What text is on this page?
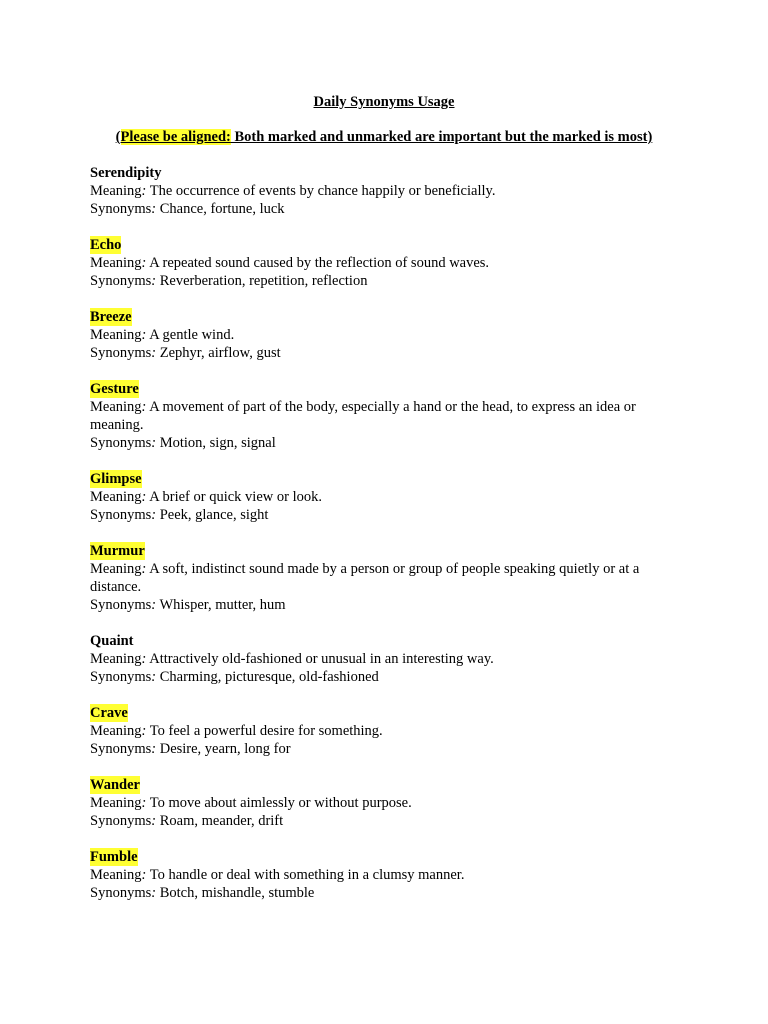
Daily Synonyms Usage
(Please be aligned: Both marked and unmarked are important but the marked is most)
Serendipity
Meaning: The occurrence of events by chance happily or beneficially.
Synonyms: Chance, fortune, luck
Echo
Meaning: A repeated sound caused by the reflection of sound waves.
Synonyms: Reverberation, repetition, reflection
Breeze
Meaning: A gentle wind.
Synonyms: Zephyr, airflow, gust
Gesture
Meaning: A movement of part of the body, especially a hand or the head, to express an idea or meaning.
Synonyms: Motion, sign, signal
Glimpse
Meaning: A brief or quick view or look.
Synonyms: Peek, glance, sight
Murmur
Meaning: A soft, indistinct sound made by a person or group of people speaking quietly or at a distance.
Synonyms: Whisper, mutter, hum
Quaint
Meaning: Attractively old-fashioned or unusual in an interesting way.
Synonyms: Charming, picturesque, old-fashioned
Crave
Meaning: To feel a powerful desire for something.
Synonyms: Desire, yearn, long for
Wander
Meaning: To move about aimlessly or without purpose.
Synonyms: Roam, meander, drift
Fumble
Meaning: To handle or deal with something in a clumsy manner.
Synonyms: Botch, mishandle, stumble
